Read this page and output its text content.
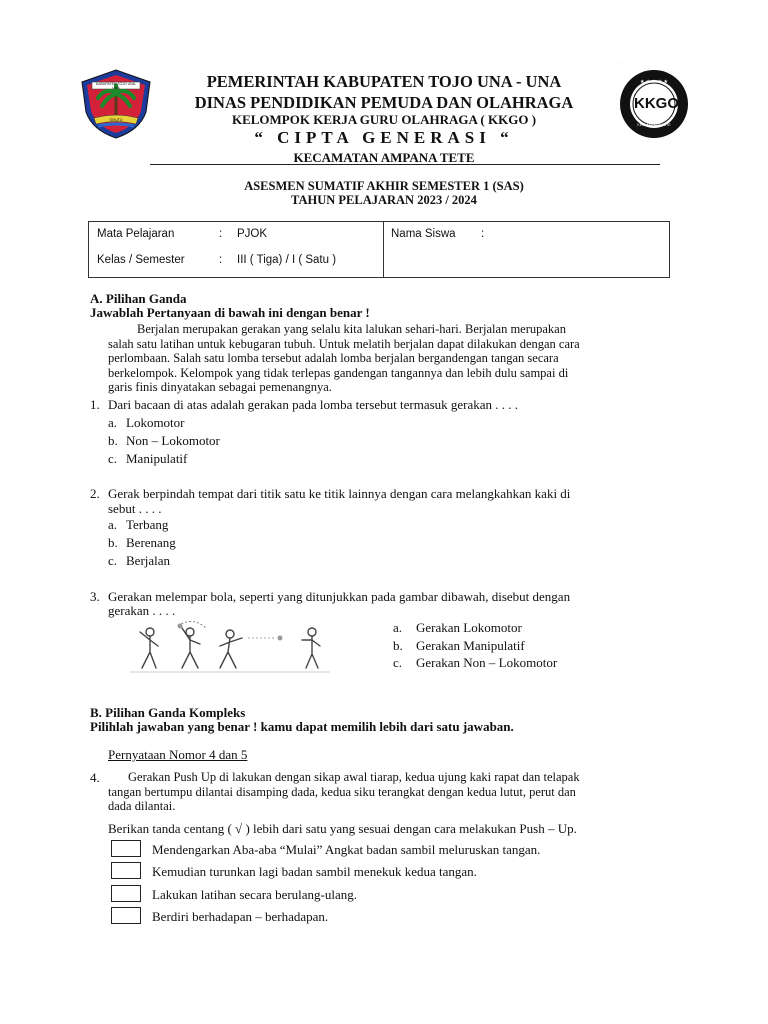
KABUPATEN TOJO UNA-UNA
SIVUTU
★ ★ ★ ★ ★
KKGO
KEC. AMPANA TETE
PEMERINTAH KABUPATEN TOJO UNA - UNA
DINAS PENDIDIKAN PEMUDA DAN OLAHRAGA
KELOMPOK KERJA GURU OLAHRAGA ( KKGO )
“ CIPTA GENERASI “
KECAMATAN AMPANA TETE
ASESMEN SUMATIF AKHIR SEMESTER 1 (SAS)
TAHUN PELAJARAN 2023 / 2024
Mata Pelajaran	: PJOK
Kelas / Semester	: III ( Tiga) / I ( Satu )
Nama Siswa :
A. Pilihan Ganda
Jawablah Pertanyaan di bawah ini dengan benar !
Berjalan merupakan gerakan yang selalu kita lalukan sehari-hari. Berjalan merupakan
salah satu latihan untuk kebugaran tubuh. Untuk melatih berjalan dapat dilakukan dengan cara
perlombaan. Salah satu lomba tersebut adalah lomba berjalan bergandengan tangan secara
berkelompok. Kelompok yang tidak terlepas gandengan tangannya dan lebih dulu sampai di
garis finis dinyatakan sebagai pemenangnya.
1. Dari bacaan di atas adalah gerakan pada lomba tersebut termasuk gerakan . . . .
a. Lokomotor
b. Non – Lokomotor
c. Manipulatif
2. Gerak berpindah tempat dari titik satu ke titik lainnya dengan cara melangkahkan kaki di
sebut . . . .
a. Terbang
b. Berenang
c. Berjalan
3. Gerakan melempar bola, seperti yang ditunjukkan pada gambar dibawah, disebut dengan
gerakan . . . .
a. Gerakan Lokomotor
b. Gerakan Manipulatif
c. Gerakan Non – Lokomotor
B. Pilihan Ganda Kompleks
Pilihlah jawaban yang benar ! kamu dapat memilih lebih dari satu jawaban.
Pernyataan Nomor 4 dan 5
4.	Gerakan Push Up di lakukan dengan sikap awal tiarap, kedua ujung kaki rapat dan telapak
tangan bertumpu dilantai disamping dada, kedua siku terangkat dengan kedua lutut, perut dan
dada dilantai.
Berikan tanda centang ( √ ) lebih dari satu yang sesuai dengan cara melakukan Push – Up.
Mendengarkan Aba-aba “Mulai” Angkat badan sambil meluruskan tangan.
Kemudian turunkan lagi badan sambil menekuk kedua tangan.
Lakukan latihan secara berulang-ulang.
Berdiri berhadapan – berhadapan.
